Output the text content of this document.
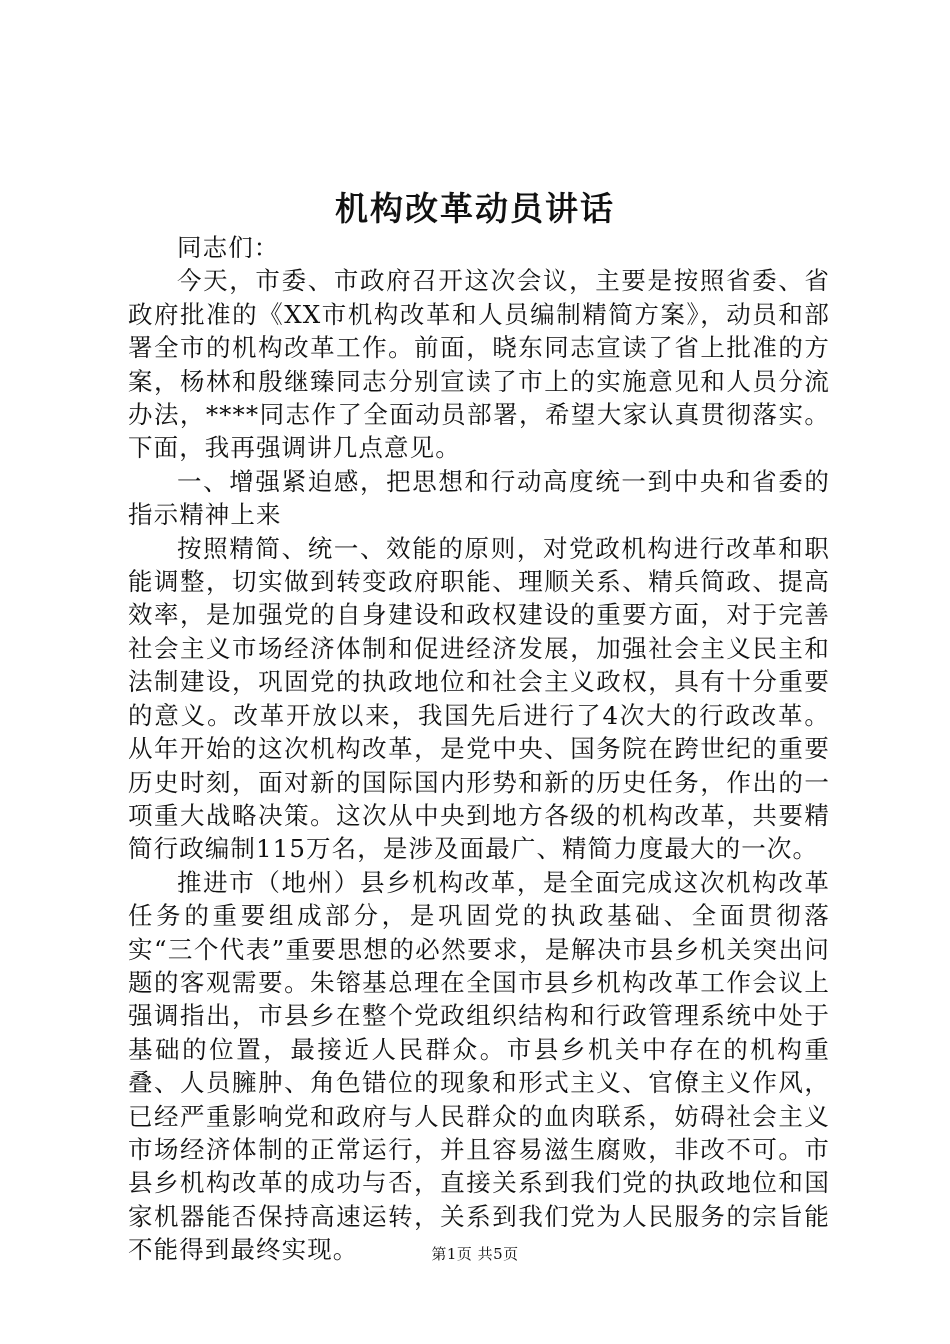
机构改革动员讲话

同志们：

今天，市委、市政府召开这次会议，主要是按照省委、省政府批准的《XX市机构改革和人员编制精简方案》，动员和部署全市的机构改革工作。前面，晓东同志宣读了省上批准的方案，杨林和殷继臻同志分别宣读了市上的实施意见和人员分流办法，****同志作了全面动员部署，希望大家认真贯彻落实。下面，我再强调讲几点意见。

一、增强紧迫感，把思想和行动高度统一到中央和省委的指示精神上来

按照精简、统一、效能的原则，对党政机构进行改革和职能调整，切实做到转变政府职能、理顺关系、精兵简政、提高效率，是加强党的自身建设和政权建设的重要方面，对于完善社会主义市场经济体制和促进经济发展，加强社会主义民主和法制建设，巩固党的执政地位和社会主义政权，具有十分重要的意义。改革开放以来，我国先后进行了4次大的行政改革。从年开始的这次机构改革，是党中央、国务院在跨世纪的重要历史时刻，面对新的国际国内形势和新的历史任务，作出的一项重大战略决策。这次从中央到地方各级的机构改革，共要精简行政编制115万名，是涉及面最广、精简力度最大的一次。

推进市（地州）县乡机构改革，是全面完成这次机构改革任务的重要组成部分，是巩固党的执政基础、全面贯彻落实“三个代表”重要思想的必然要求，是解决市县乡机关突出问题的客观需要。朱镕基总理在全国市县乡机构改革工作会议上强调指出，市县乡在整个党政组织结构和行政管理系统中处于基础的位置，最接近人民群众。市县乡机关中存在的机构重叠、人员臃肿、角色错位的现象和形式主义、官僚主义作风，已经严重影响党和政府与人民群众的血肉联系，妨碍社会主义市场经济体制的正常运行，并且容易滋生腐败，非改不可。市县乡机构改革的成功与否，直接关系到我们党的执政地位和国家机器能否保持高速运转，关系到我们党为人民服务的宗旨能不能得到最终实现。	第1页 共5页
